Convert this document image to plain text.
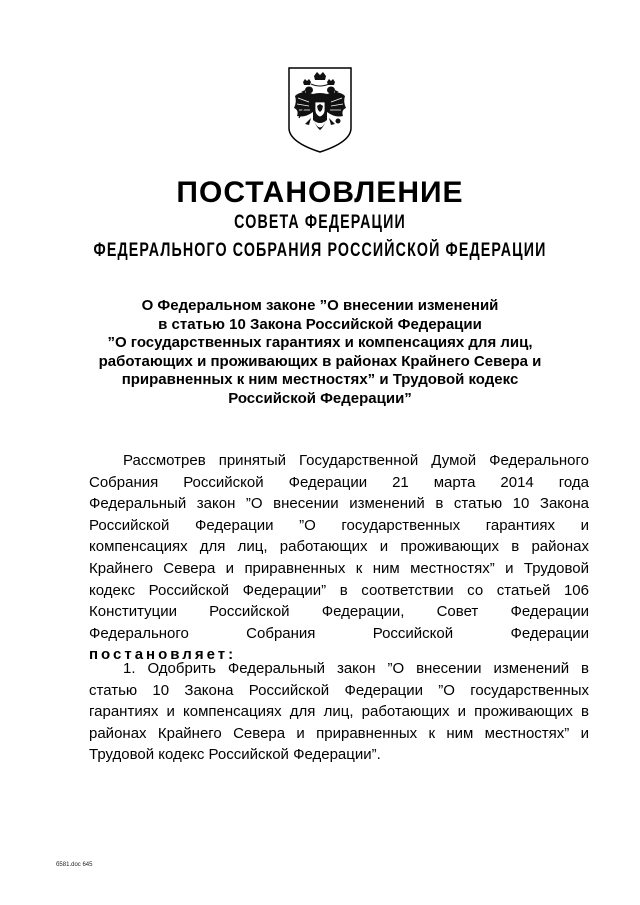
ПОСТАНОВЛЕНИЕ
СОВЕТА ФЕДЕРАЦИИ
ФЕДЕРАЛЬНОГО СОБРАНИЯ РОССИЙСКОЙ ФЕДЕРАЦИИ
О Федеральном законе ”О внесении изменений
в статью 10 Закона Российской Федерации
”О государственных гарантиях и компенсациях для лиц,
работающих и проживающих в районах Крайнего Севера и
приравненных к ним местностях” и Трудовой кодекс
Российской Федерации”
Рассмотрев принятый Государственной Думой Федерального
Собрания Российской Федерации 21 марта 2014 года
Федеральный закон ”О внесении изменений в статью 10 Закона
Российской Федерации ”О государственных гарантиях и
компенсациях для лиц, работающих и проживающих в районах
Крайнего Севера и приравненных к ним местностях” и Трудовой
кодекс Российской Федерации” в соответствии со статьей 106
Конституции Российской Федерации, Совет Федерации
Федерального Собрания Российской Федерации
постановляет:
1. Одобрить Федеральный закон ”О внесении изменений в
статью 10 Закона Российской Федерации ”О государственных
гарантиях и компенсациях для лиц, работающих и проживающих в
районах Крайнего Севера и приравненных к ним местностях” и
Трудовой кодекс Российской Федерации”.
б581.doc 645
